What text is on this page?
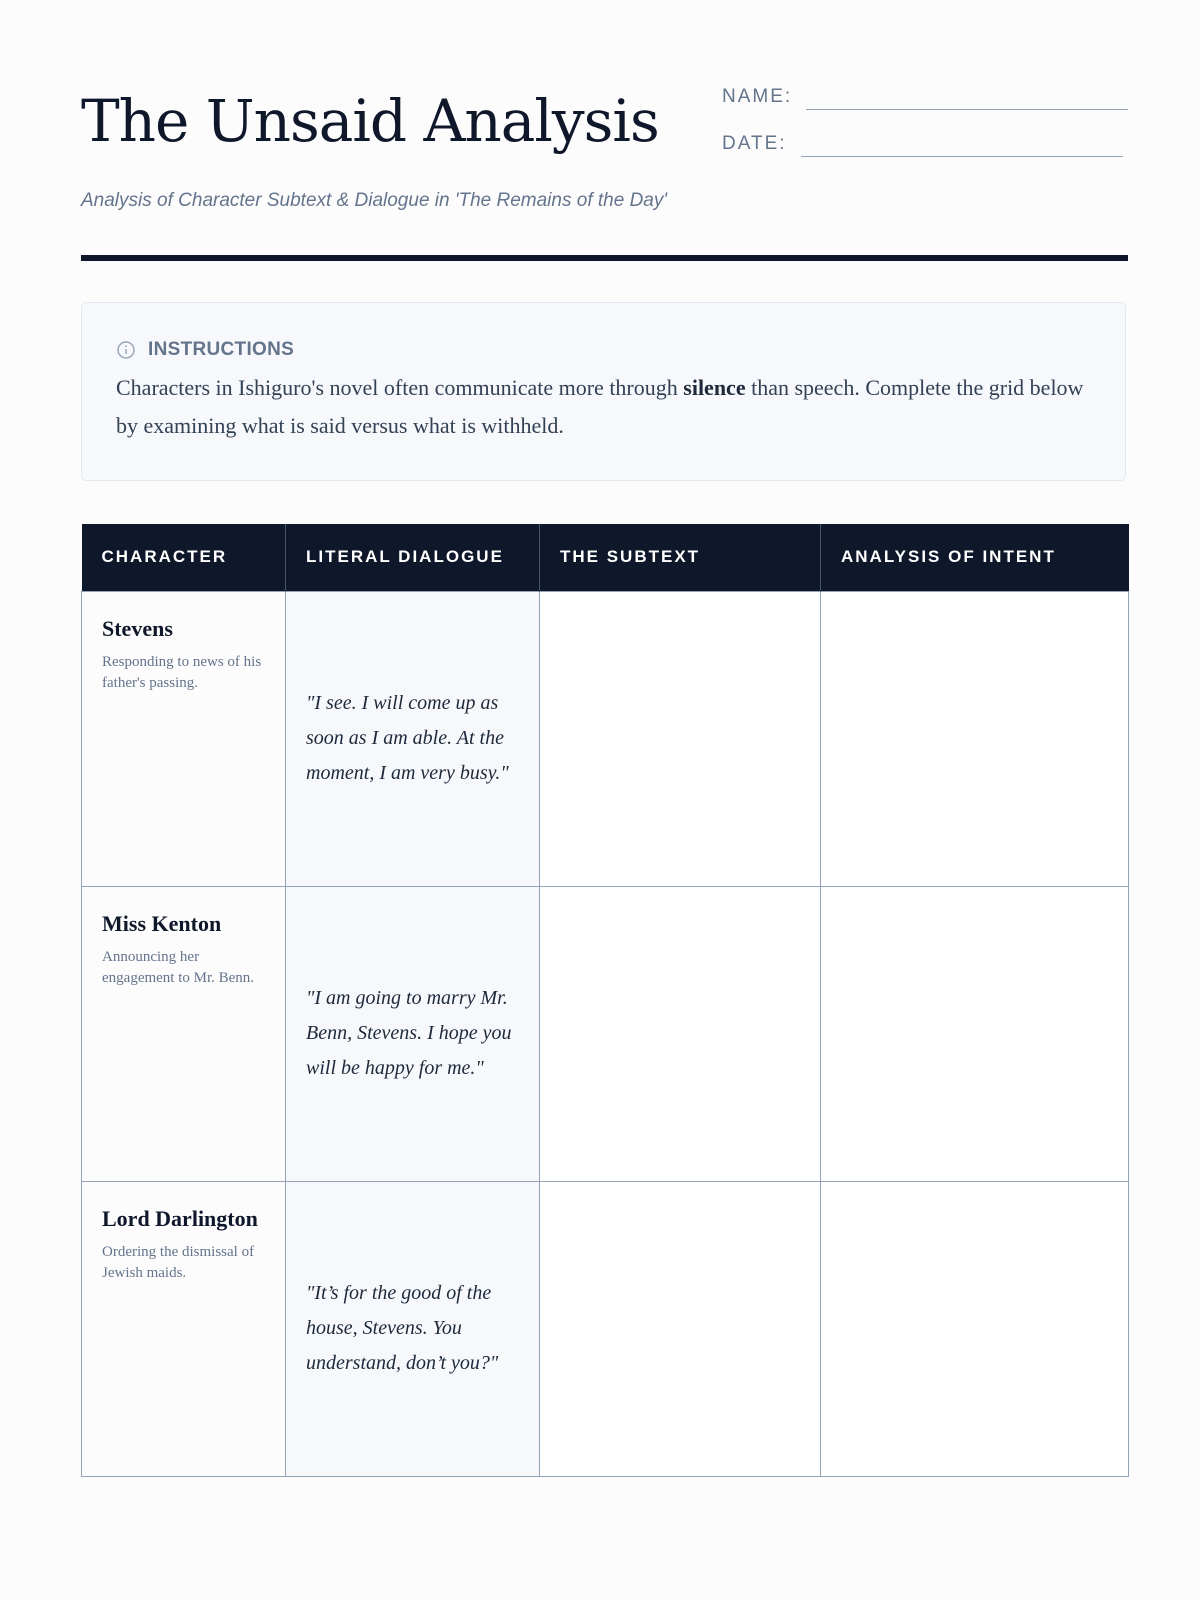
The Unsaid Analysis	NAME:
DATE:
Analysis of Character Subtext & Dialogue in 'The Remains of the Day'
INSTRUCTIONS
Characters in Ishiguro's novel often communicate more through silence than speech. Complete the grid below by examining what is said versus what is withheld.
CHARACTER	LITERAL DIALOGUE	THE SUBTEXT	ANALYSIS OF INTENT

Stevens
Responding to news of his father's passing.	"I see. I will come up as soon as I am able. At the moment, I am very busy."		

Miss Kenton
Announcing her engagement to Mr. Benn.	"I am going to marry Mr. Benn, Stevens. I hope you will be happy for me."		

Lord Darlington
Ordering the dismissal of Jewish maids.	"It’s for the good of the house, Stevens. You understand, don’t you?"		
